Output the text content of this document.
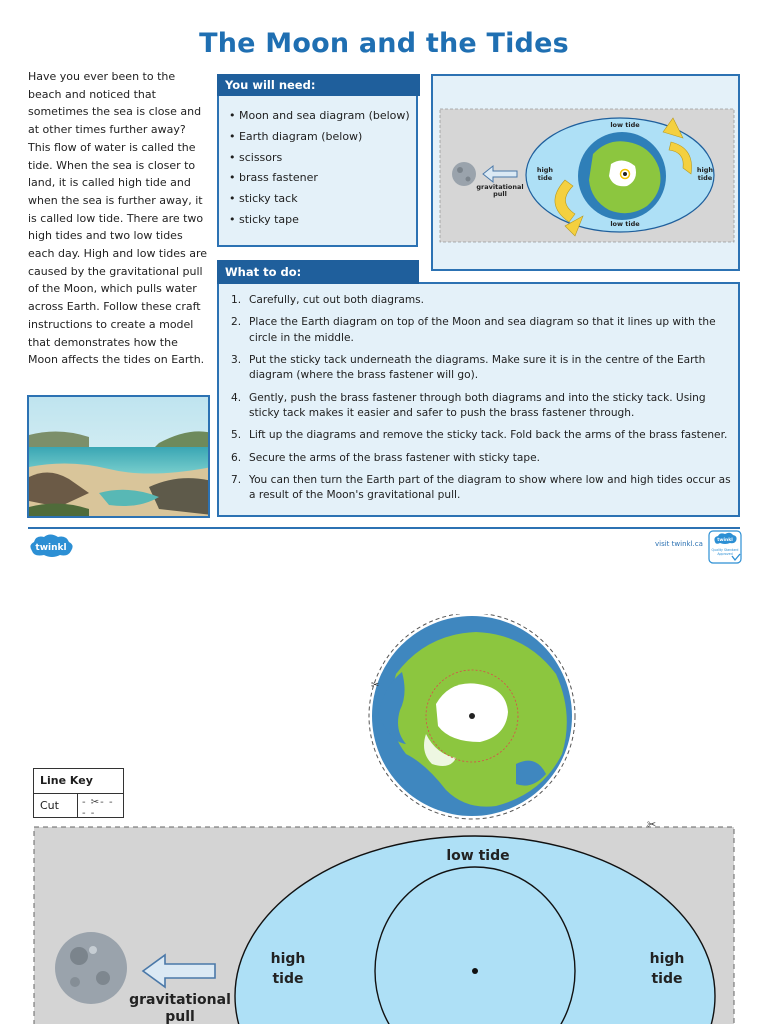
The Moon and the Tides

Have you ever been to the beach and noticed that sometimes the sea is close and at other times further away? This flow of water is called the tide. When the sea is closer to land, it is called high tide and when the sea is further away, it is called low tide. There are two high tides and two low tides each day. High and low tides are caused by the gravitational pull of the Moon, which pulls water across Earth. Follow these craft instructions to create a model that demonstrates how the Moon affects the tides on Earth.

You will need:
• Moon and sea diagram (below)
• Earth diagram (below)
• scissors
• brass fastener
• sticky tack
• sticky tape
low tide
low tide
high
tide
high
tide
gravitational
pull
1. Carefully, cut out both diagrams.
2. Place the Earth diagram on top of the Moon and sea diagram so that it lines up with the circle in the middle.
3. Put the sticky tack underneath the diagrams. Make sure it is in the centre of the Earth diagram (where the brass fastener will go).
4. Gently, push the brass fastener through both diagrams and into the sticky tack. Using sticky tack makes it easier and safer to push the brass fastener through.
5. Lift up the diagrams and remove the sticky tack. Fold back the arms of the brass fastener.
6. Secure the arms of the brass fastener with sticky tape.
7. You can then turn the Earth part of the diagram to show where low and high tides occur as a result of the Moon's gravitational pull.
What to do:
twinkl	visit twinkl.ca	twinkl
Quality Standard
Approved
✂
Line Key
Cut	- ✂- - - -
✂
low tide
high
tide
high
tide
gravitational
pull
